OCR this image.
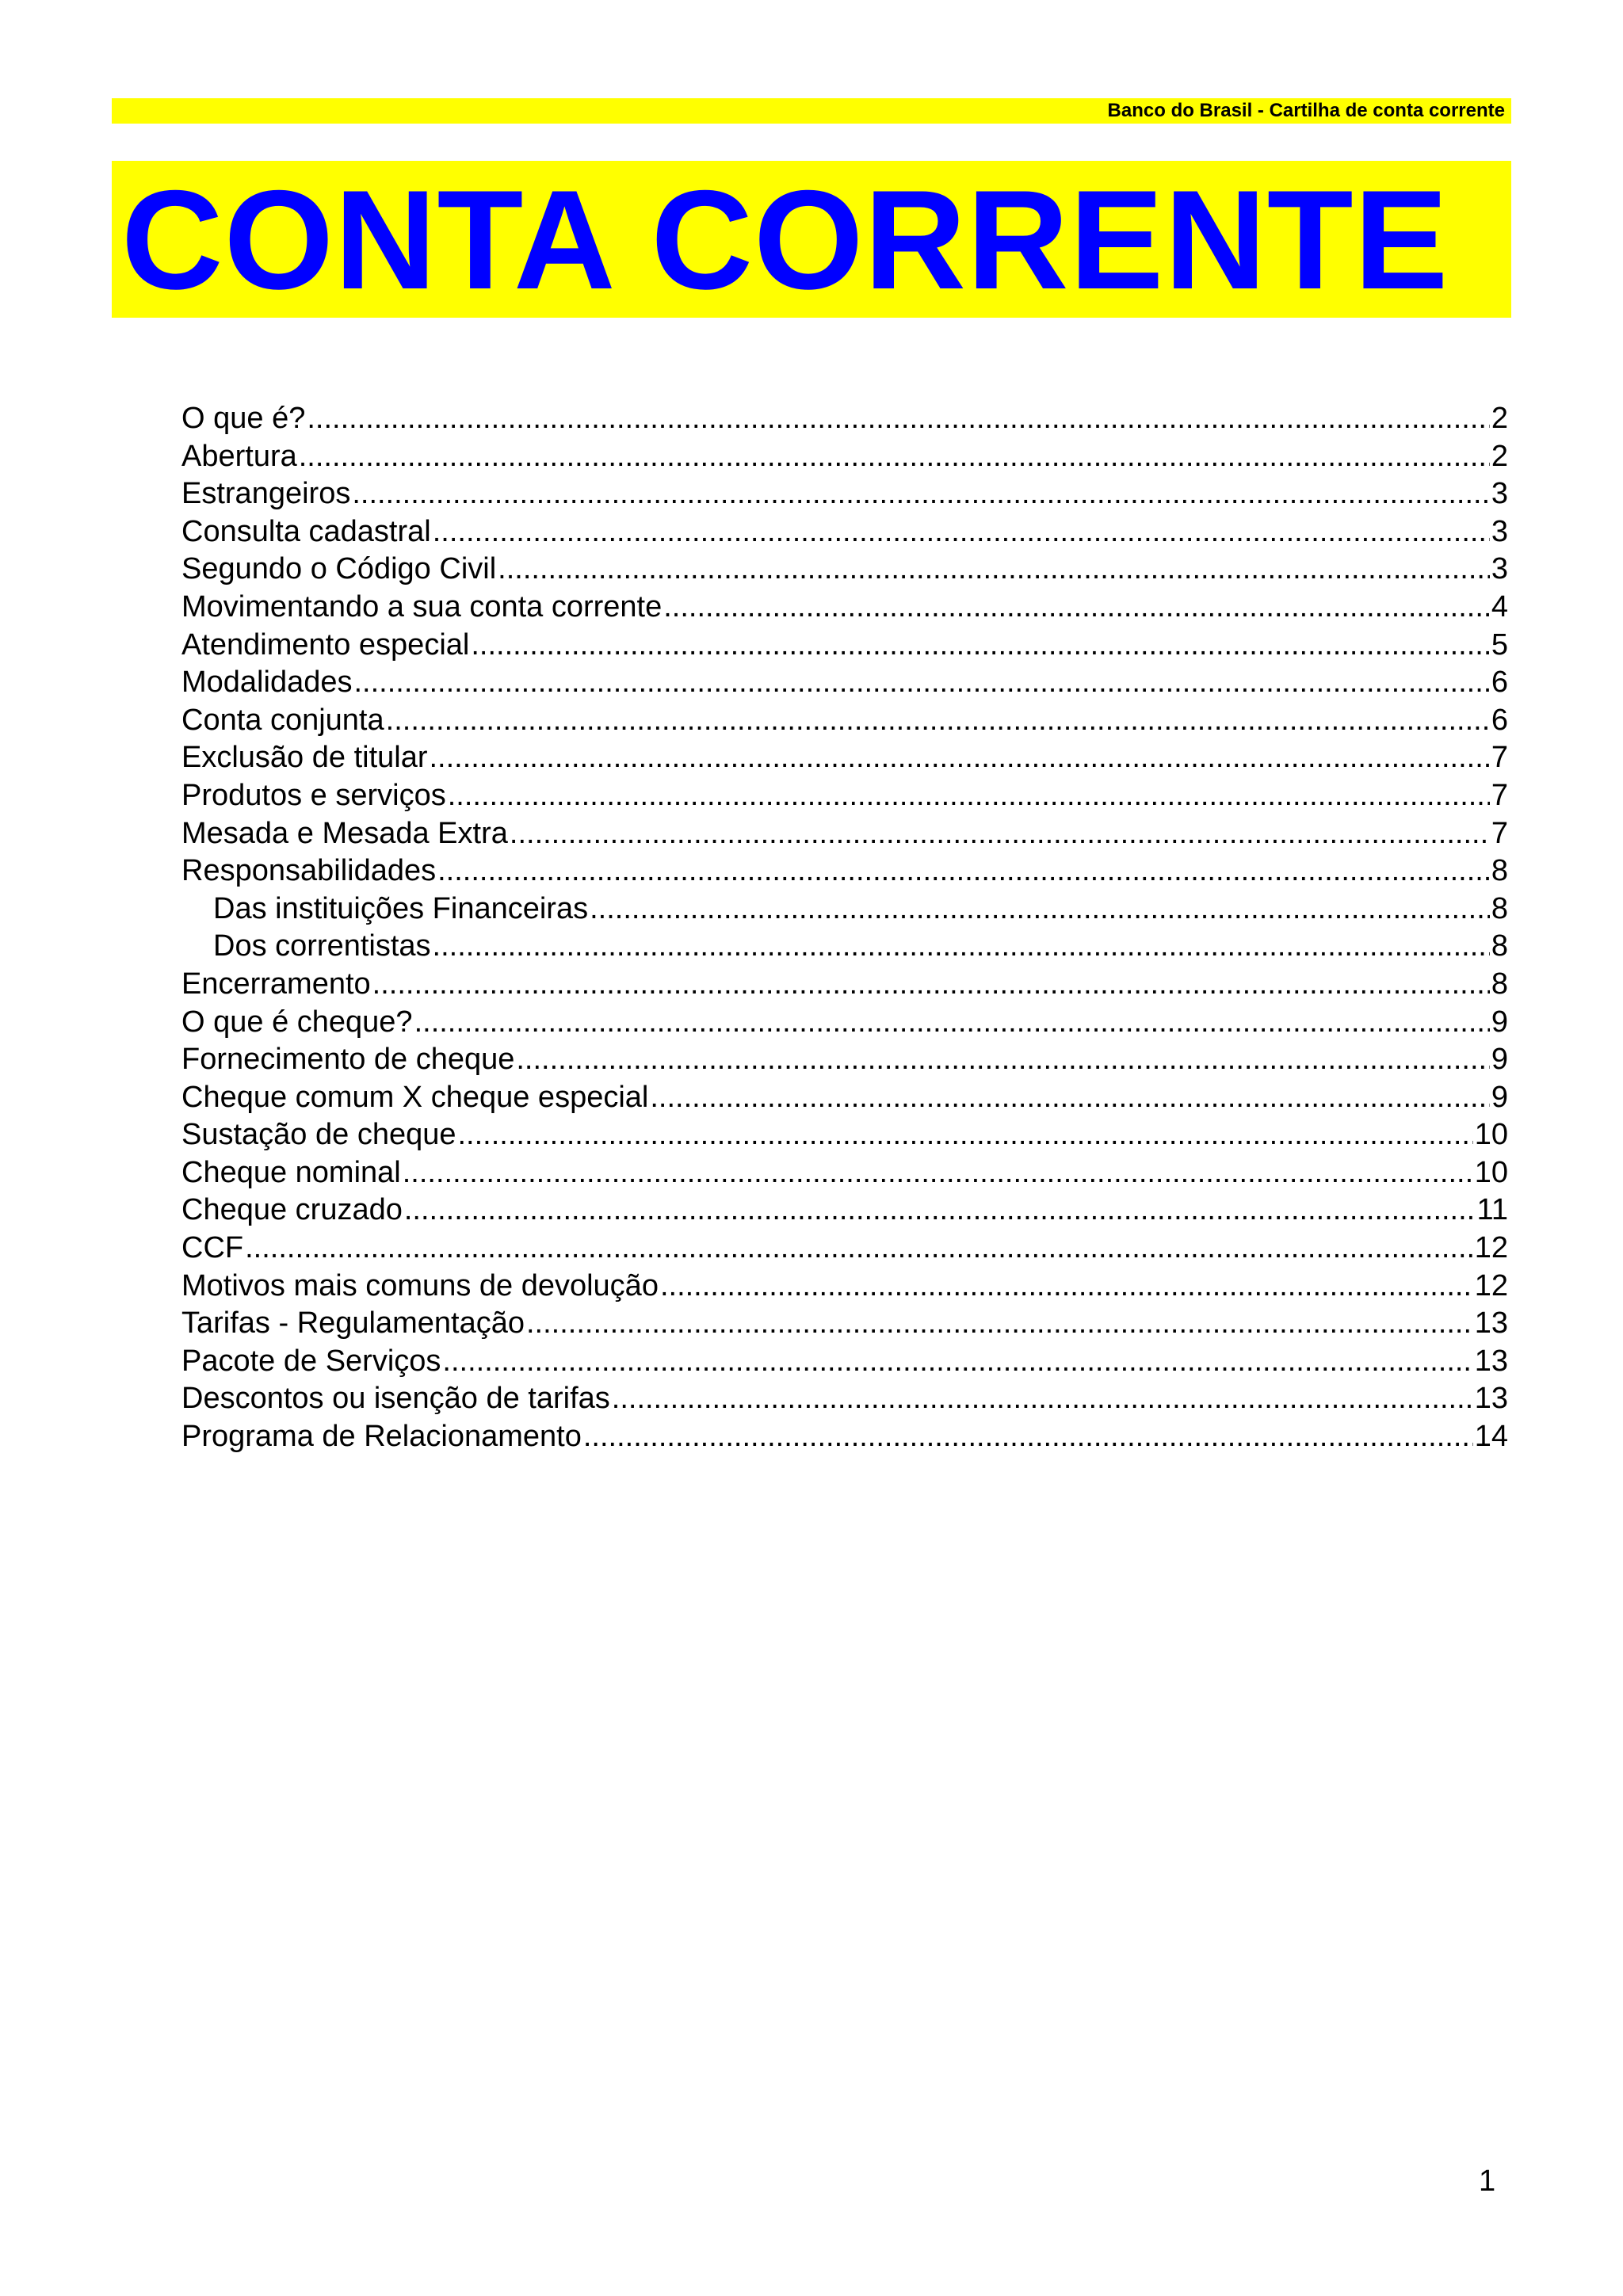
Banco do Brasil - Cartilha de conta corrente
CONTA CORRENTE
O que é? .....	2
Abertura .....	2
Estrangeiros .....	3
Consulta cadastral .....	3
Segundo o Código Civil .....	3
Movimentando a sua conta corrente .....	4
Atendimento especial .....	5
Modalidades .....	6
Conta conjunta .....	6
Exclusão de titular .....	7
Produtos e serviços .....	7
Mesada e Mesada Extra .....	7
Responsabilidades .....	8
Das instituições Financeiras .....	8
Dos correntistas .....	8
Encerramento .....	8
O que é cheque? .....	9
Fornecimento de cheque .....	9
Cheque comum X cheque especial .....	9
Sustação de cheque .....	10
Cheque nominal .....	10
Cheque cruzado .....	11
CCF .....	12
Motivos mais comuns de devolução .....	12
Tarifas - Regulamentação .....	13
Pacote de Serviços .....	13
Descontos ou isenção de tarifas .....	13
Programa de Relacionamento .....	14
1
